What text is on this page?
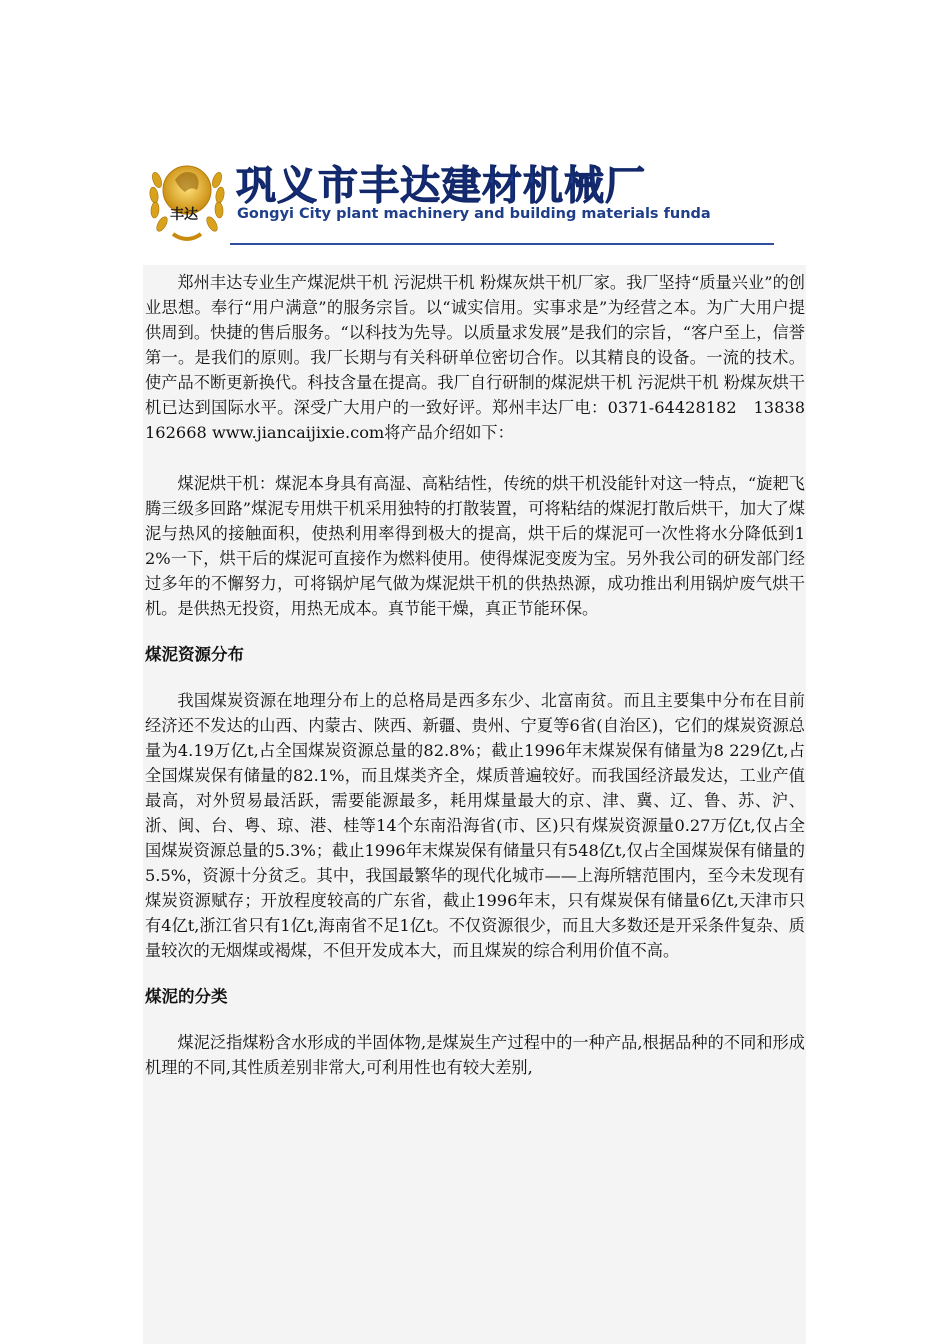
丰达
巩义市丰达建材机械厂
Gongyi City plant machinery and building materials funda

郑州丰达专业生产煤泥烘干机 污泥烘干机 粉煤灰烘干机厂家。我厂坚持“质量兴业”的创业思想。奉行“用户满意”的服务宗旨。以“诚实信用。实事求是”为经营之本。为广大用户提供周到。快捷的售后服务。“以科技为先导。以质量求发展”是我们的宗旨，“客户至上，信誉第一。是我们的原则。我厂长期与有关科研单位密切合作。以其精良的设备。一流的技术。使产品不断更新换代。科技含量在提高。我厂自行研制的煤泥烘干机 污泥烘干机 粉煤灰烘干机已达到国际水平。深受广大用户的一致好评。郑州丰达厂电：0371-64428182　13838162668 www.jiancaijixie.com将产品介绍如下：

煤泥烘干机：煤泥本身具有高湿、高粘结性，传统的烘干机没能针对这一特点，“旋耙飞腾三级多回路”煤泥专用烘干机采用独特的打散装置，可将粘结的煤泥打散后烘干，加大了煤泥与热风的接触面积，使热利用率得到极大的提高，烘干后的煤泥可一次性将水分降低到12%一下，烘干后的煤泥可直接作为燃料使用。使得煤泥变废为宝。另外我公司的研发部门经过多年的不懈努力，可将锅炉尾气做为煤泥烘干机的供热热源，成功推出利用锅炉废气烘干机。是供热无投资，用热无成本。真节能干燥，真正节能环保。

煤泥资源分布

我国煤炭资源在地理分布上的总格局是西多东少、北富南贫。而且主要集中分布在目前经济还不发达的山西、内蒙古、陕西、新疆、贵州、宁夏等6省(自治区)，它们的煤炭资源总量为4.19万亿t,占全国煤炭资源总量的82.8%；截止1996年末煤炭保有储量为8 229亿t,占全国煤炭保有储量的82.1%，而且煤类齐全，煤质普遍较好。而我国经济最发达，工业产值最高，对外贸易最活跃，需要能源最多，耗用煤量最大的京、津、冀、辽、鲁、苏、沪、浙、闽、台、粤、琼、港、桂等14个东南沿海省(市、区)只有煤炭资源量0.27万亿t,仅占全国煤炭资源总量的5.3%；截止1996年末煤炭保有储量只有548亿t,仅占全国煤炭保有储量的5.5%，资源十分贫乏。其中，我国最繁华的现代化城市——上海所辖范围内，至今未发现有煤炭资源赋存；开放程度较高的广东省，截止1996年末，只有煤炭保有储量6亿t,天津市只有4亿t,浙江省只有1亿t,海南省不足1亿t。不仅资源很少，而且大多数还是开采条件复杂、质量较次的无烟煤或褐煤，不但开发成本大，而且煤炭的综合利用价值不高。

煤泥的分类

煤泥泛指煤粉含水形成的半固体物,是煤炭生产过程中的一种产品,根据品种的不同和形成机理的不同,其性质差别非常大,可利用性也有较大差别,
